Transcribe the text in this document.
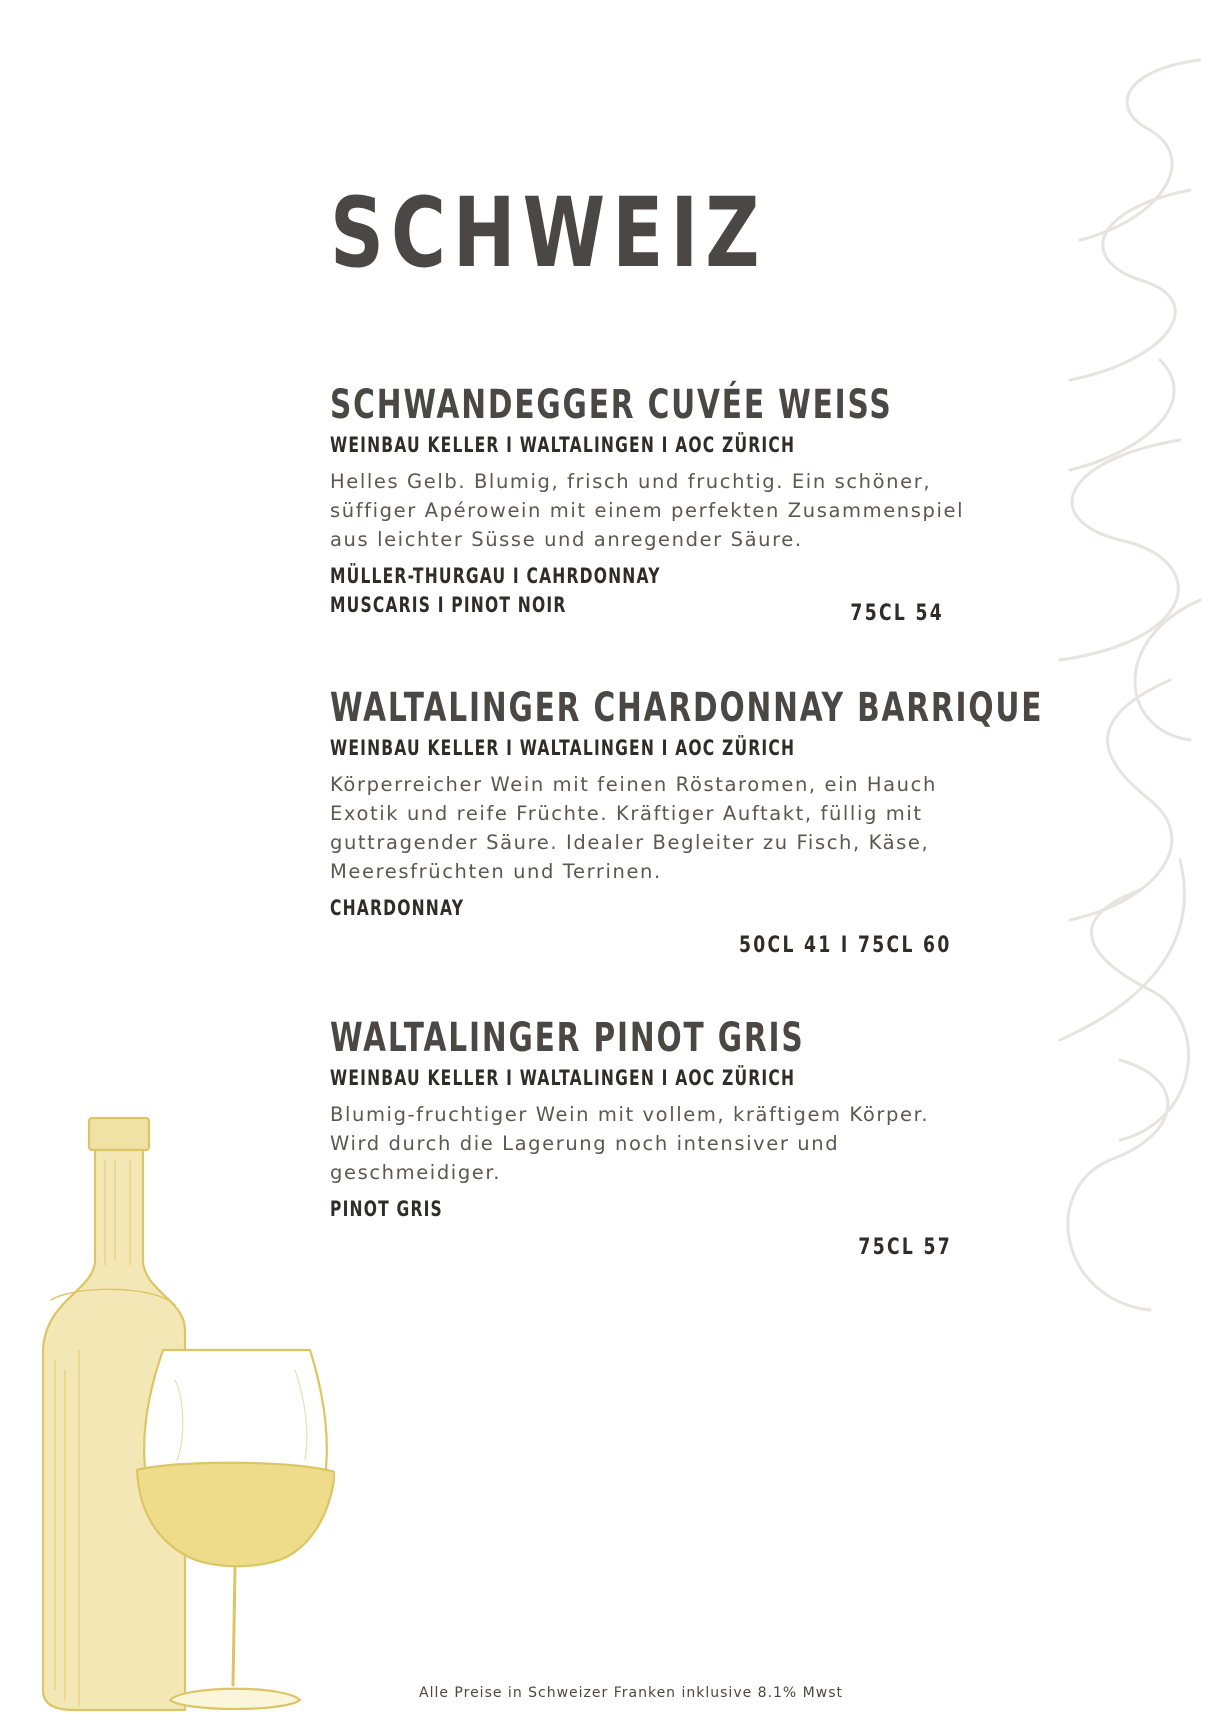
SCHWEIZ
SCHWANDEGGER CUVÉE WEISS
WEINBAU KELLER I WALTALINGEN I AOC ZÜRICH
Helles Gelb. Blumig, frisch und fruchtig. Ein schöner,
süffiger Apérowein mit einem perfekten Zusammenspiel
aus leichter Süsse und anregender Säure.
MÜLLER-THURGAU I CAHRDONNAY
MUSCARIS I PINOT NOIR	75CL 54
WALTALINGER CHARDONNAY BARRIQUE
WEINBAU KELLER I WALTALINGEN I AOC ZÜRICH
Körperreicher Wein mit feinen Röstaromen, ein Hauch
Exotik und reife Früchte. Kräftiger Auftakt, füllig mit
guttragender Säure. Idealer Begleiter zu Fisch, Käse,
Meeresfrüchten und Terrinen.
CHARDONNAY
50CL 41 I 75CL 60
WALTALINGER PINOT GRIS
WEINBAU KELLER I WALTALINGEN I AOC ZÜRICH
Blumig-fruchtiger Wein mit vollem, kräftigem Körper.
Wird durch die Lagerung noch intensiver und
geschmeidiger.
PINOT GRIS
75CL 57
Alle Preise in Schweizer Franken inklusive 8.1% Mwst
